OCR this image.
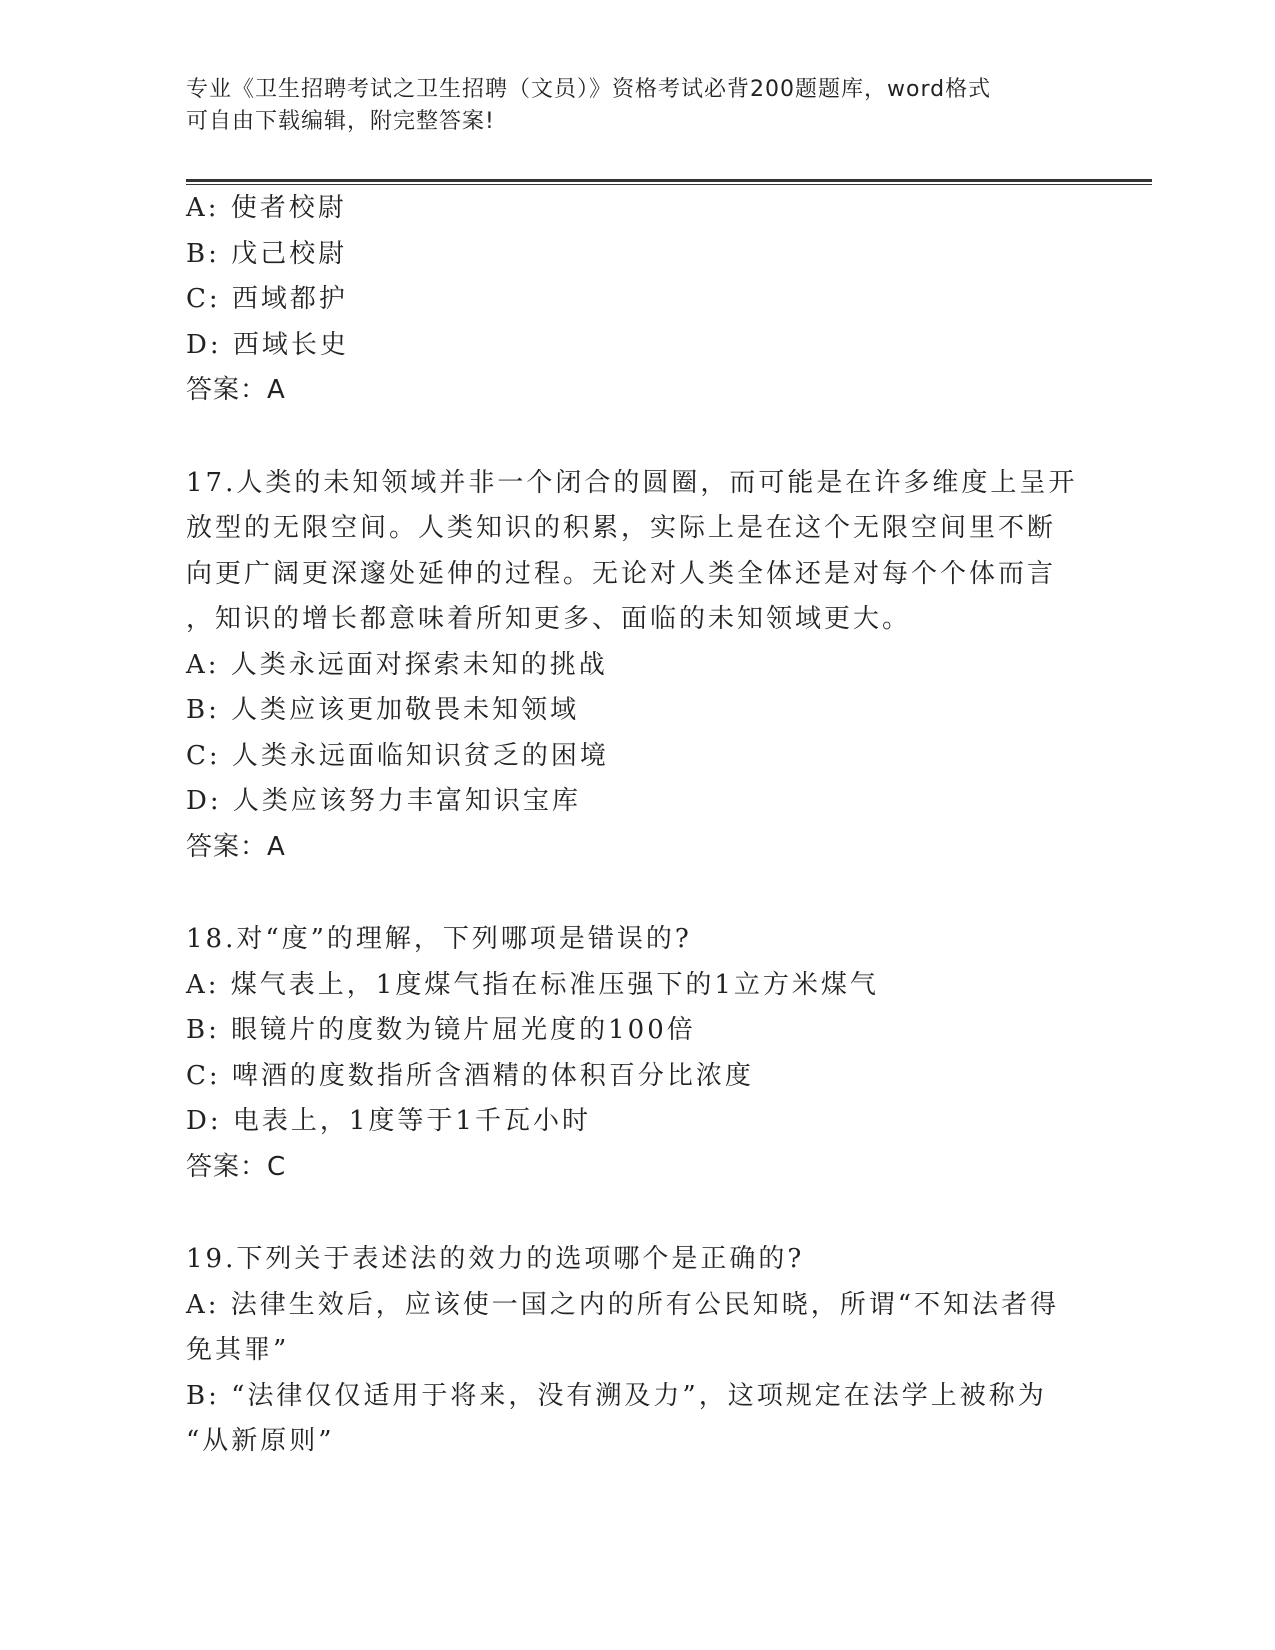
专业《卫生招聘考试之卫生招聘（文员）》资格考试必背200题题库，word格式
可自由下载编辑，附完整答案!
A: 使者校尉
B: 戊己校尉
C: 西域都护
D: 西域长史
答案：A
17.人类的未知领域并非一个闭合的圆圈，而可能是在许多维度上呈开
放型的无限空间。人类知识的积累，实际上是在这个无限空间里不断
向更广阔更深邃处延伸的过程。无论对人类全体还是对每个个体而言
，知识的增长都意味着所知更多、面临的未知领域更大。
A: 人类永远面对探索未知的挑战
B: 人类应该更加敬畏未知领域
C: 人类永远面临知识贫乏的困境
D: 人类应该努力丰富知识宝库
答案：A
18.对“度”的理解，下列哪项是错误的?
A: 煤气表上，1度煤气指在标准压强下的1立方米煤气
B: 眼镜片的度数为镜片屈光度的100倍
C: 啤酒的度数指所含酒精的体积百分比浓度
D: 电表上，1度等于1千瓦小时
答案：C
19.下列关于表述法的效力的选项哪个是正确的?
A: 法律生效后，应该使一国之内的所有公民知晓，所谓“不知法者得
免其罪”
B: “法律仅仅适用于将来，没有溯及力”，这项规定在法学上被称为
“从新原则”
